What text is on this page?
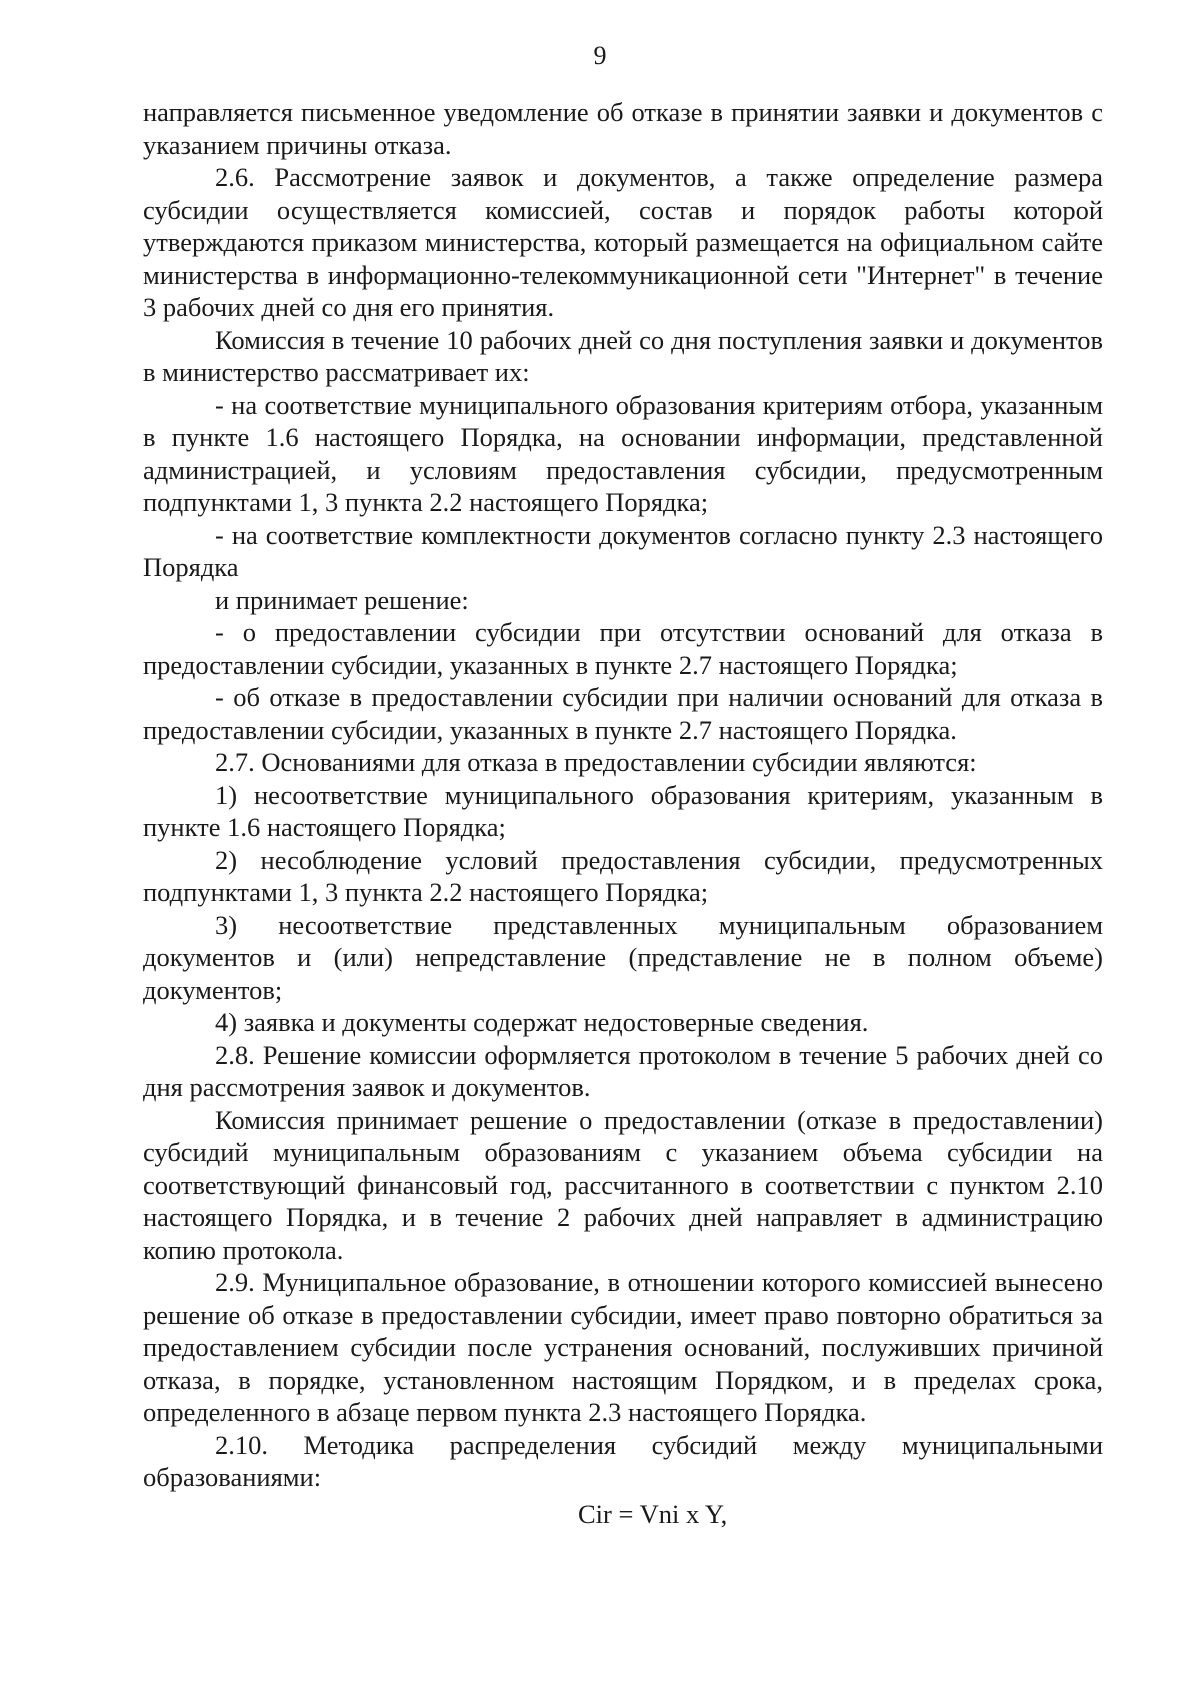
9

направляется письменное уведомление об отказе в принятии заявки и документов с указанием причины отказа.

2.6. Рассмотрение заявок и документов, а также определение размера субсидии осуществляется комиссией, состав и порядок работы которой утверждаются приказом министерства, который размещается на официальном сайте министерства в информационно-телекоммуникационной сети "Интернет" в течение 3 рабочих дней со дня его принятия.

Комиссия в течение 10 рабочих дней со дня поступления заявки и документов в министерство рассматривает их:

- на соответствие муниципального образования критериям отбора, указанным в пункте 1.6 настоящего Порядка, на основании информации, представленной администрацией, и условиям предоставления субсидии, предусмотренным подпунктами 1, 3 пункта 2.2 настоящего Порядка;

- на соответствие комплектности документов согласно пункту 2.3 настоящего Порядка

и принимает решение:

- о предоставлении субсидии при отсутствии оснований для отказа в предоставлении субсидии, указанных в пункте 2.7 настоящего Порядка;

- об отказе в предоставлении субсидии при наличии оснований для отказа в предоставлении субсидии, указанных в пункте 2.7 настоящего Порядка.

2.7. Основаниями для отказа в предоставлении субсидии являются:

1) несоответствие муниципального образования критериям, указанным в пункте 1.6 настоящего Порядка;

2) несоблюдение условий предоставления субсидии, предусмотренных подпунктами 1, 3 пункта 2.2 настоящего Порядка;

3) несоответствие представленных муниципальным образованием документов и (или) непредставление (представление не в полном объеме) документов;

4) заявка и документы содержат недостоверные сведения.

2.8. Решение комиссии оформляется протоколом в течение 5 рабочих дней со дня рассмотрения заявок и документов.

Комиссия принимает решение о предоставлении (отказе в предоставлении) субсидий муниципальным образованиям с указанием объема субсидии на соответствующий финансовый год, рассчитанного в соответствии с пунктом 2.10 настоящего Порядка, и в течение 2 рабочих дней направляет в администрацию копию протокола.

2.9. Муниципальное образование, в отношении которого комиссией вынесено решение об отказе в предоставлении субсидии, имеет право повторно обратиться за предоставлением субсидии после устранения оснований, послуживших причиной отказа, в порядке, установленном настоящим Порядком, и в пределах срока, определенного в абзаце первом пункта 2.3 настоящего Порядка.

2.10. Методика распределения субсидий между муниципальными образованиями:

Cir = Vni x Y,
